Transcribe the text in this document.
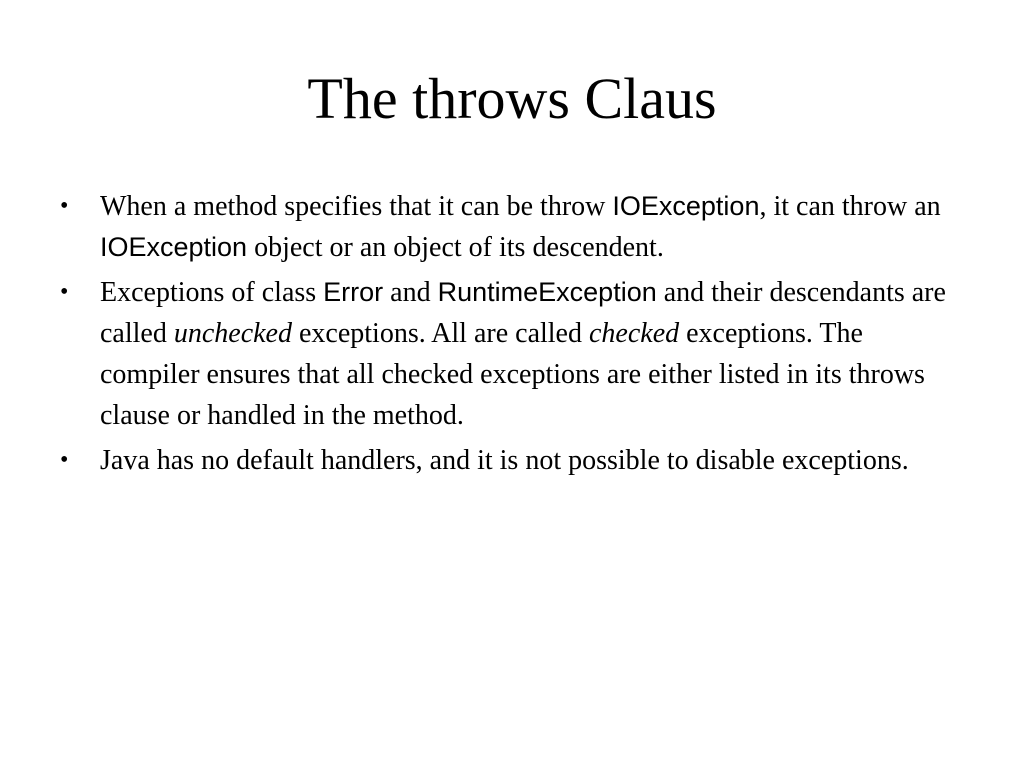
The throws Claus
• When a method specifies that it can be throw IOException, it can throw an IOException object or an object of its descendent.
• Exceptions of class Error and RuntimeException and their descendants are called unchecked exceptions. All are called checked exceptions. The compiler ensures that all checked exceptions are either listed in its throws clause or handled in the method.
• Java has no default handlers, and it is not possible to disable exceptions.
